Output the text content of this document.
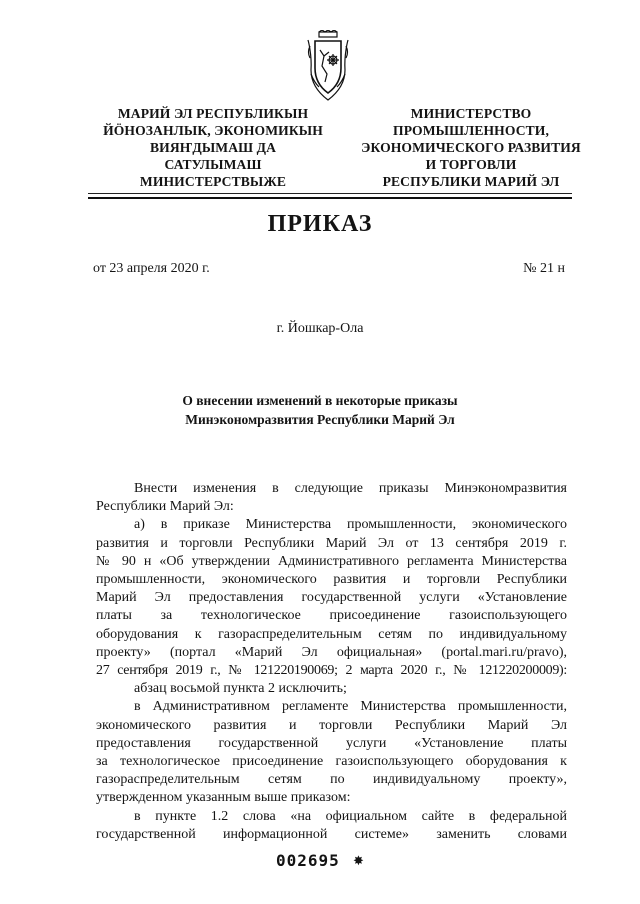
МАРИЙ ЭЛ РЕСПУБЛИКЫН
ЙӦНОЗАНЛЫК, ЭКОНОМИКЫН
ВИЯҤДЫМАШ ДА
САТУЛЫМАШ
МИНИСТЕРСТВЫЖЕ
МИНИСТЕРСТВО
ПРОМЫШЛЕННОСТИ,
ЭКОНОМИЧЕСКОГО РАЗВИТИЯ
И ТОРГОВЛИ
РЕСПУБЛИКИ МАРИЙ ЭЛ
ПРИКАЗ
от 23 апреля 2020 г.	№ 21 н
г. Йошкар-Ола
О внесении изменений в некоторые приказы
Минэкономразвития Республики Марий Эл
Внести изменения в следующие приказы Минэкономразвития
Республики Марий Эл:
а) в приказе Министерства промышленности, экономического
развития и торговли Республики Марий Эл от 13 сентября 2019 г.
№ 90 н «Об утверждении Административного регламента Министерства
промышленности, экономического развития и торговли Республики
Марий Эл предоставления государственной услуги «Установление
платы за технологическое присоединение газоиспользующего
оборудования к газораспределительным сетям по индивидуальному
проекту» (портал «Марий Эл официальная» (portal.mari.ru/pravo),
27 сентября 2019 г., № 121220190069; 2 марта 2020 г., № 121220200009):
абзац восьмой пункта 2 исключить;
в Административном регламенте Министерства промышленности,
экономического развития и торговли Республики Марий Эл
предоставления государственной услуги «Установление платы
за технологическое присоединение газоиспользующего оборудования к
газораспределительным сетям по индивидуальному проекту»,
утвержденном указанным выше приказом:
в пункте 1.2 слова «на официальном сайте в федеральной
государственной информационной системе» заменить словами
002695 ✸
